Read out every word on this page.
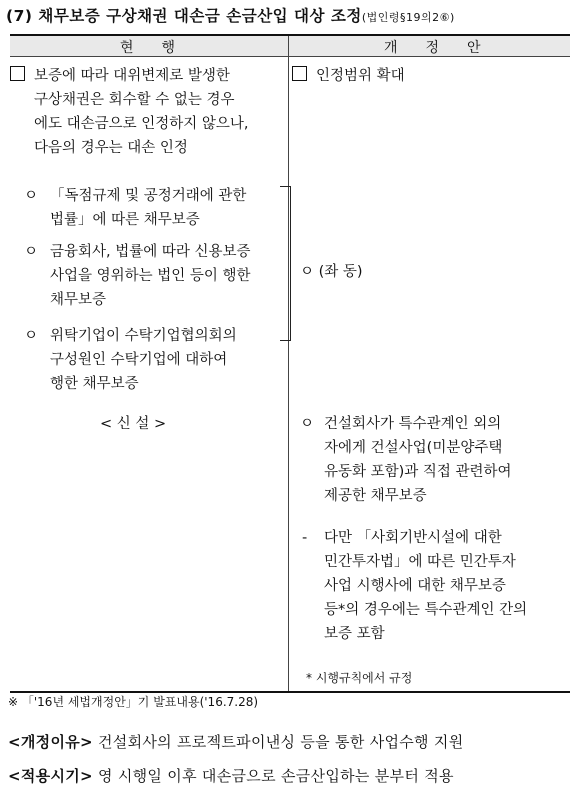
(7) 채무보증 구상채권 대손금 손금산입 대상 조정(법인령§19의2⑥)
현행	개정안
보증에 따라 대위변제로 발생한
구상채권은 회수할 수 없는 경우
에도 대손금으로 인정하지 않으나,
다음의 경우는 대손 인정
ㅇ 「독점규제 및 공정거래에 관한
법률」에 따른 채무보증
ㅇ 금융회사, 법률에 따라 신용보증
사업을 영위하는 법인 등이 행한
채무보증
ㅇ 위탁기업이 수탁기업협의회의
구성원인 수탁기업에 대하여
행한 채무보증
< 신 설 >
인정범위 확대
ㅇ (좌 동)
ㅇ 건설회사가 특수관계인 외의
자에게 건설사업(미분양주택
유동화 포함)과 직접 관련하여
제공한 채무보증
- 다만 「사회기반시설에 대한
민간투자법」에 따른 민간투자
사업 시행사에 대한 채무보증
등*의 경우에는 특수관계인 간의
보증 포함
* 시행규칙에서 규정
※ 「'16년 세법개정안」기 발표내용('16.7.28)
<개정이유> 건설회사의 프로젝트파이낸싱 등을 통한 사업수행 지원
<적용시기> 영 시행일 이후 대손금으로 손금산입하는 분부터 적용
